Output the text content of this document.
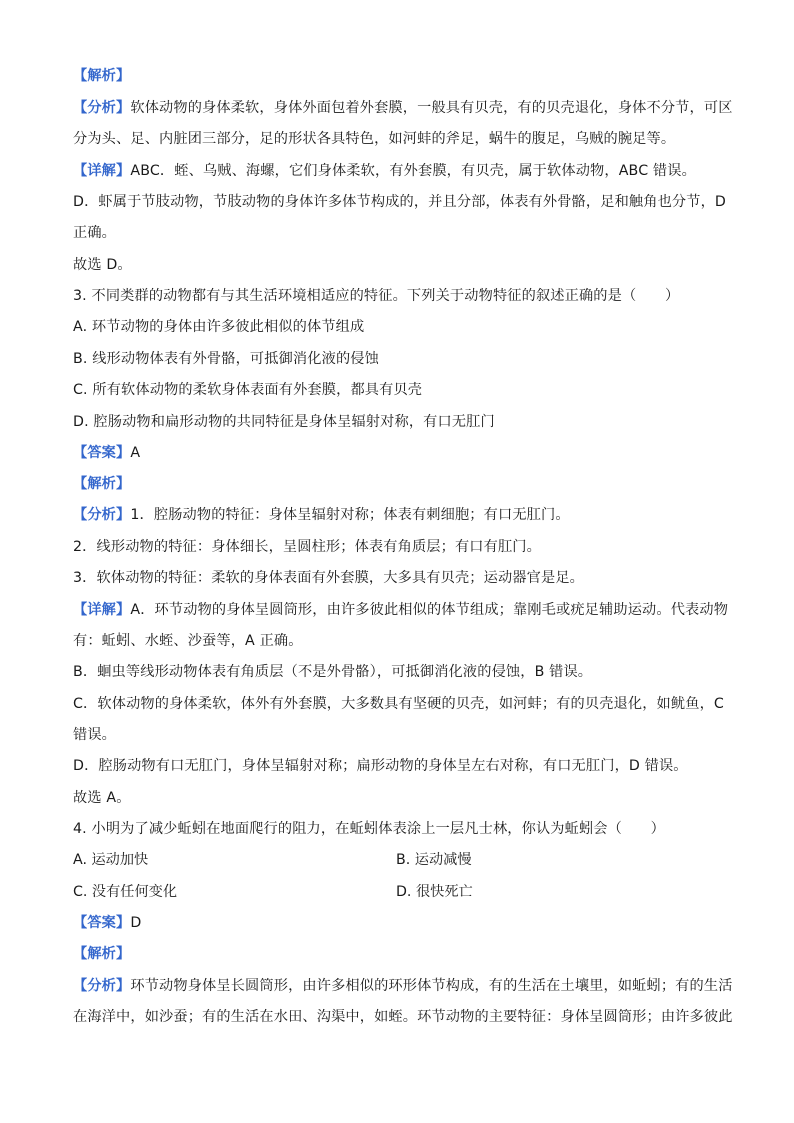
【解析】
【分析】软体动物的身体柔软，身体外面包着外套膜，一般具有贝壳，有的贝壳退化，身体不分节，可区
分为头、足、内脏团三部分，足的形状各具特色，如河蚌的斧足，蜗牛的腹足，乌贼的腕足等。
【详解】ABC．蛭、乌贼、海螺，它们身体柔软，有外套膜，有贝壳，属于软体动物，ABC 错误。
D．虾属于节肢动物，节肢动物的身体许多体节构成的，并且分部，体表有外骨骼，足和触角也分节，D
正确。
故选 D。
3. 不同类群的动物都有与其生活环境相适应的特征。下列关于动物特征的叙述正确的是（　　）
A. 环节动物的身体由许多彼此相似的体节组成
B. 线形动物体表有外骨骼，可抵御消化液的侵蚀
C. 所有软体动物的柔软身体表面有外套膜，都具有贝壳
D. 腔肠动物和扁形动物的共同特征是身体呈辐射对称，有口无肛门
【答案】A
【解析】
【分析】1．腔肠动物的特征：身体呈辐射对称；体表有刺细胞；有口无肛门。
2．线形动物的特征：身体细长，呈圆柱形；体表有角质层；有口有肛门。
3．软体动物的特征：柔软的身体表面有外套膜，大多具有贝壳；运动器官是足。
【详解】A．环节动物的身体呈圆筒形，由许多彼此相似的体节组成；靠刚毛或疣足辅助运动。代表动物
有：蚯蚓、水蛭、沙蚕等，A 正确。
B．蛔虫等线形动物体表有角质层（不是外骨骼），可抵御消化液的侵蚀，B 错误。
C．软体动物的身体柔软，体外有外套膜，大多数具有坚硬的贝壳，如河蚌；有的贝壳退化，如鱿鱼，C
错误。
D．腔肠动物有口无肛门，身体呈辐射对称；扁形动物的身体呈左右对称，有口无肛门，D 错误。
故选 A。
4. 小明为了减少蚯蚓在地面爬行的阻力，在蚯蚓体表涂上一层凡士林，你认为蚯蚓会（　　）
A. 运动加快	B. 运动减慢
C. 没有任何变化	D. 很快死亡
【答案】D
【解析】
【分析】环节动物身体呈长圆筒形，由许多相似的环形体节构成，有的生活在土壤里，如蚯蚓；有的生活
在海洋中，如沙蚕；有的生活在水田、沟渠中，如蛭。环节动物的主要特征：身体呈圆筒形；由许多彼此
